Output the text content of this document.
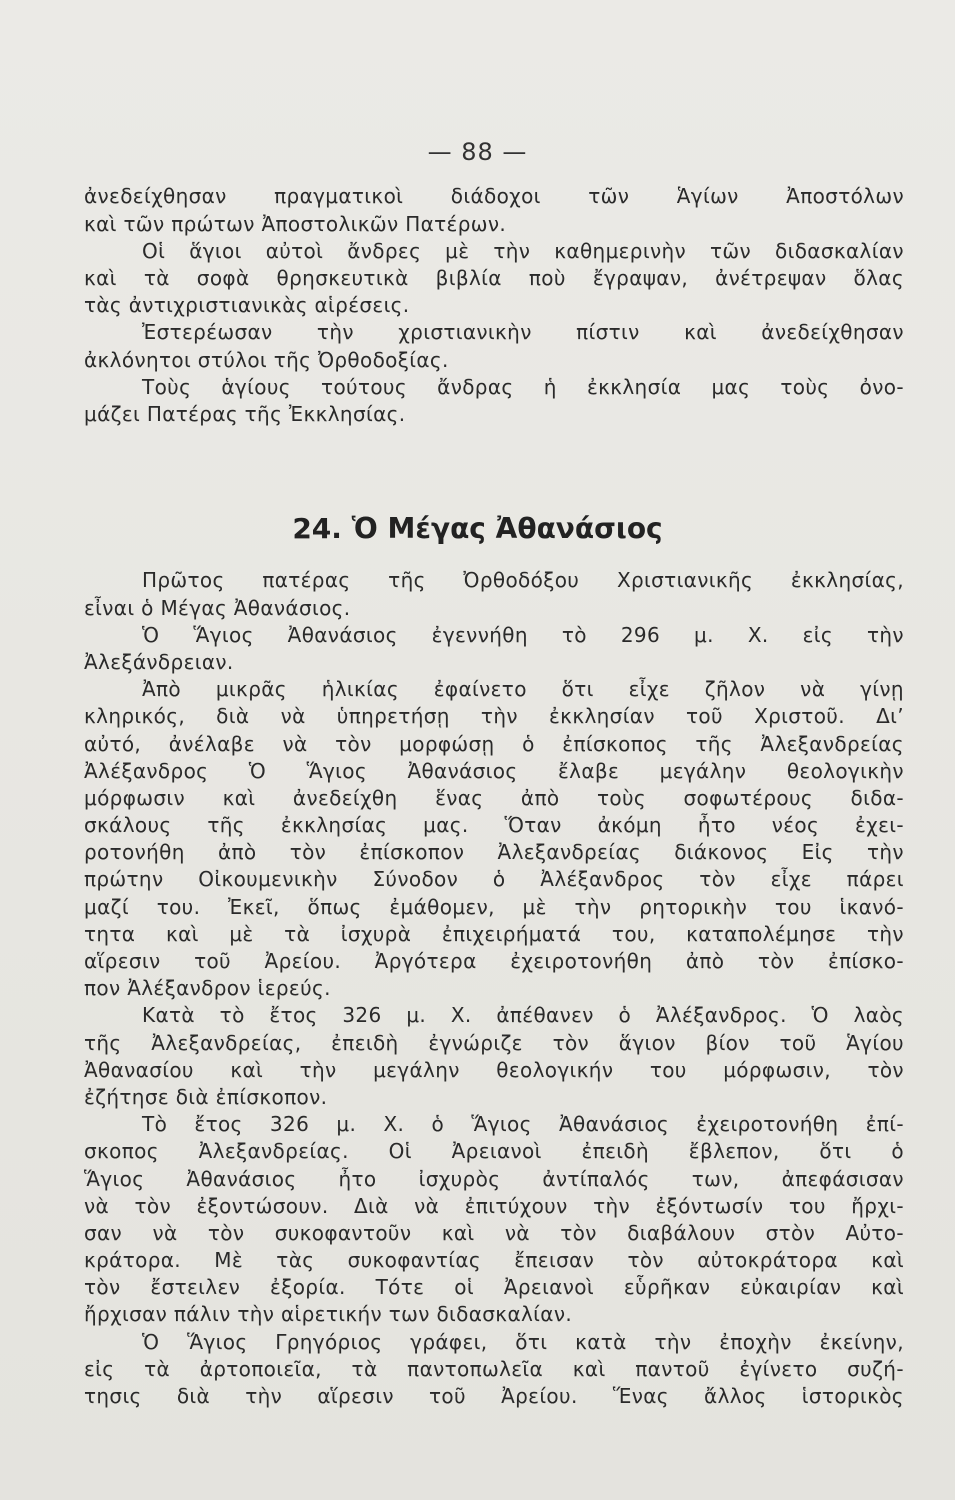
— 88 —
ἀνεδείχθησαν πραγματικοὶ διάδοχοι τῶν Ἁγίων Ἀποστόλων
καὶ τῶν πρώτων Ἀποστολικῶν Πατέρων.
Οἱ ἅγιοι αὐτοὶ ἄνδρες μὲ τὴν καθημερινὴν τῶν διδασκαλίαν
καὶ τὰ σοφὰ θρησκευτικὰ βιβλία ποὺ ἔγραψαν, ἀνέτρεψαν ὅλας
τὰς ἀντιχριστιανικὰς αἱρέσεις.
Ἐστερέωσαν τὴν χριστιανικὴν πίστιν καὶ ἀνεδείχθησαν
ἀκλόνητοι στύλοι τῆς Ὀρθοδοξίας.
Τοὺς ἁγίους τούτους ἄνδρας ἡ ἐκκλησία μας τοὺς ὀνο-
μάζει Πατέρας τῆς Ἐκκλησίας.
24. Ὁ Μέγας Ἀθανάσιος
Πρῶτος πατέρας τῆς Ὀρθοδόξου Χριστιανικῆς ἐκκλησίας,
εἶναι ὁ Μέγας Ἀθανάσιος.
Ὁ Ἅγιος Ἀθανάσιος ἐγεννήθη τὸ 296 μ. Χ. εἰς τὴν
Ἀλεξάνδρειαν.
Ἀπὸ μικρᾶς ἡλικίας ἐφαίνετο ὅτι εἶχε ζῆλον νὰ γίνῃ
κληρικός, διὰ νὰ ὑπηρετήσῃ τὴν ἐκκλησίαν τοῦ Χριστοῦ. Δι’
αὐτό, ἀνέλαβε νὰ τὸν μορφώσῃ ὁ ἐπίσκοπος τῆς Ἀλεξανδρείας
Ἀλέξανδρος Ὁ Ἅγιος Ἀθανάσιος ἔλαβε μεγάλην θεολογικὴν
μόρφωσιν καὶ ἀνεδείχθη ἕνας ἀπὸ τοὺς σοφωτέρους διδα-
σκάλους τῆς ἐκκλησίας μας. Ὅταν ἀκόμη ἦτο νέος ἐχει-
ροτονήθη ἀπὸ τὸν ἐπίσκοπον Ἀλεξανδρείας διάκονος Εἰς τὴν
πρώτην Οἰκουμενικὴν Σύνοδον ὁ Ἀλέξανδρος τὸν εἶχε πάρει
μαζί του. Ἐκεῖ, ὅπως ἐμάθομεν, μὲ τὴν ρητορικὴν του ἱκανό-
τητα καὶ μὲ τὰ ἰσχυρὰ ἐπιχειρήματά του, καταπολέμησε τὴν
αἵρεσιν τοῦ Ἀρείου. Ἀργότερα ἐχειροτονήθη ἀπὸ τὸν ἐπίσκο-
πον Ἀλέξανδρον ἱερεύς.
Κατὰ τὸ ἔτος 326 μ. Χ. ἀπέθανεν ὁ Ἀλέξανδρος. Ὁ λαὸς
τῆς Ἀλεξανδρείας, ἐπειδὴ ἐγνώριζε τὸν ἅγιον βίον τοῦ Ἁγίου
Ἀθανασίου καὶ τὴν μεγάλην θεολογικήν του μόρφωσιν, τὸν
ἐζήτησε διὰ ἐπίσκοπον.
Τὸ ἔτος 326 μ. Χ. ὁ Ἅγιος Ἀθανάσιος ἐχειροτονήθη ἐπί-
σκοπος Ἀλεξανδρείας. Οἱ Ἀρειανοὶ ἐπειδὴ ἔβλεπον, ὅτι ὁ
Ἅγιος Ἀθανάσιος ἦτο ἰσχυρὸς ἀντίπαλός των, ἀπεφάσισαν
νὰ τὸν ἐξοντώσουν. Διὰ νὰ ἐπιτύχουν τὴν ἐξόντωσίν του ἤρχι-
σαν νὰ τὸν συκοφαντοῦν καὶ νὰ τὸν διαβάλουν στὸν Αὐτο-
κράτορα. Μὲ τὰς συκοφαντίας ἔπεισαν τὸν αὐτοκράτορα καὶ
τὸν ἔστειλεν ἐξορία. Τότε οἱ Ἀρειανοὶ εὗρῆκαν εὐκαιρίαν καὶ
ἤρχισαν πάλιν τὴν αἱρετικήν των διδασκαλίαν.
Ὁ Ἅγιος Γρηγόριος γράφει, ὅτι κατὰ τὴν ἐποχὴν ἐκείνην,
εἰς τὰ ἀρτοποιεῖα, τὰ παντοπωλεῖα καὶ παντοῦ ἐγίνετο συζή-
τησις διὰ τὴν αἵρεσιν τοῦ Ἀρείου. Ἕνας ἄλλος ἱστορικὸς
